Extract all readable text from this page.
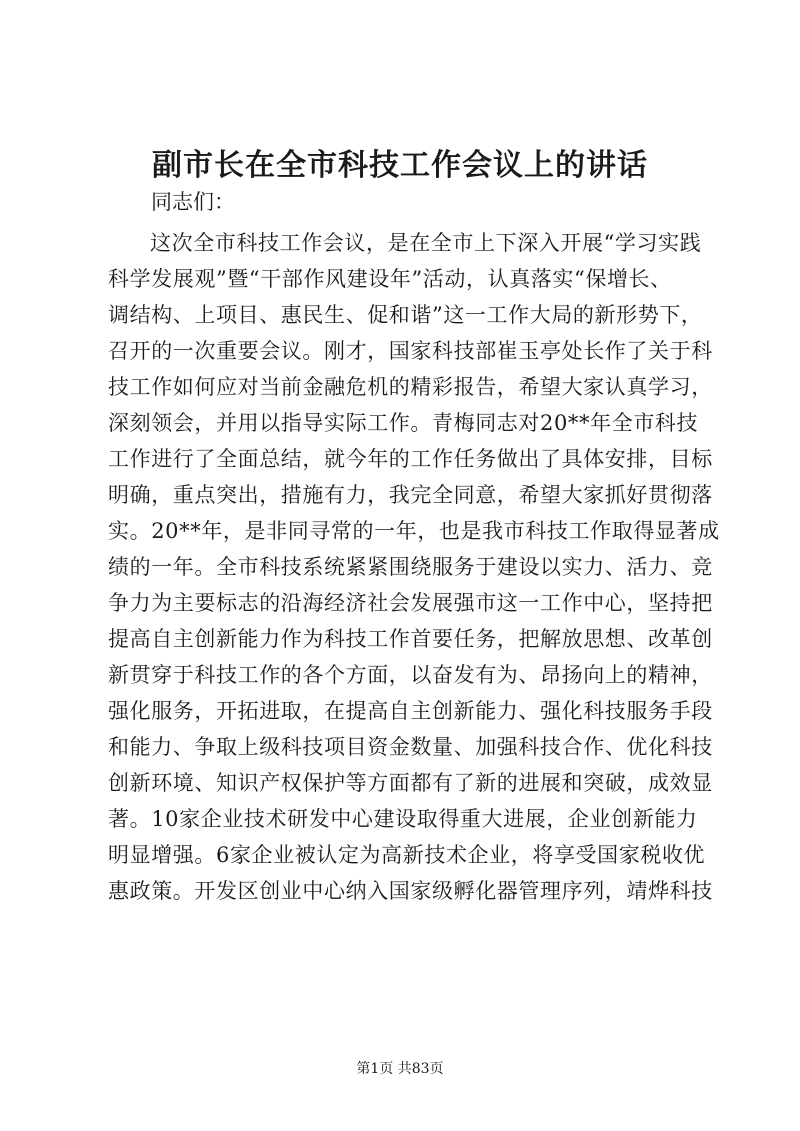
副市长在全市科技工作会议上的讲话
同志们：
这次全市科技工作会议，是在全市上下深入开展“学习实践
科学发展观”暨“干部作风建设年”活动，认真落实“保增长、
调结构、上项目、惠民生、促和谐”这一工作大局的新形势下，
召开的一次重要会议。刚才，国家科技部崔玉亭处长作了关于科
技工作如何应对当前金融危机的精彩报告，希望大家认真学习，
深刻领会，并用以指导实际工作。青梅同志对20**年全市科技
工作进行了全面总结，就今年的工作任务做出了具体安排，目标
明确，重点突出，措施有力，我完全同意，希望大家抓好贯彻落
实。20**年，是非同寻常的一年，也是我市科技工作取得显著成
绩的一年。全市科技系统紧紧围绕服务于建设以实力、活力、竞
争力为主要标志的沿海经济社会发展强市这一工作中心，坚持把
提高自主创新能力作为科技工作首要任务，把解放思想、改革创
新贯穿于科技工作的各个方面，以奋发有为、昂扬向上的精神，
强化服务，开拓进取，在提高自主创新能力、强化科技服务手段
和能力、争取上级科技项目资金数量、加强科技合作、优化科技
创新环境、知识产权保护等方面都有了新的进展和突破，成效显
著。10家企业技术研发中心建设取得重大进展，企业创新能力
明显增强。6家企业被认定为高新技术企业，将享受国家税收优
惠政策。开发区创业中心纳入国家级孵化器管理序列，靖烨科技
第1页 共83页
